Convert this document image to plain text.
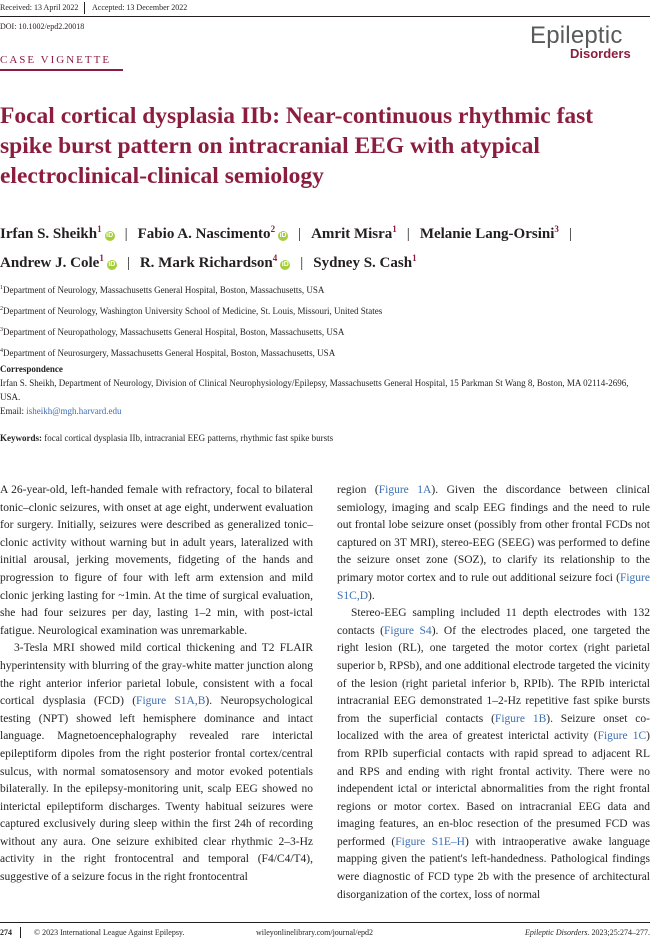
Received: 13 April 2022 Accepted: 13 December 2022
DOI: 10.1002/epd2.20018	Epileptic
Disorders
CASE VIGNETTE
Focal cortical dysplasia IIb: Near-continuous rhythmic fast spike burst pattern on intracranial EEG with atypical electroclinical-clinical semiology
Irfan S. Sheikh$^1$iD | Fabio A. Nascimento$^2$iD | Amrit Misra$^1$ | Melanie Lang-Orsini$^3$ |
Andrew J. Cole$^1$iD | R. Mark Richardson$^4$iD | Sydney S. Cash$^1$
$^1$Department of Neurology, Massachusetts General Hospital, Boston, Massachusetts, USA
$^2$Department of Neurology, Washington University School of Medicine, St. Louis, Missouri, United States
$^3$Department of Neuropathology, Massachusetts General Hospital, Boston, Massachusetts, USA
$^4$Department of Neurosurgery, Massachusetts General Hospital, Boston, Massachusetts, USA
Correspondence
Irfan S. Sheikh, Department of Neurology, Division of Clinical Neurophysiology/Epilepsy, Massachusetts General Hospital, 15 Parkman St Wang 8, Boston, MA 02114-2696, USA.
Email: isheikh@mgh.harvard.edu
Keywords: focal cortical dysplasia IIb, intracranial EEG patterns, rhythmic fast spike bursts

A 26-year-old, left-handed female with refractory, focal to bilateral tonic–clonic seizures, with onset at age eight, underwent evaluation for surgery. Initially, seizures were described as generalized tonic–clonic activity without warning but in adult years, lateralized with initial arousal, jerking movements, fidgeting of the hands and progression to figure of four with left arm extension and mild clonic jerking lasting for ~1min. At the time of surgical evaluation, she had four seizures per day, lasting 1–2 min, with post-ictal fatigue. Neurological examination was unremarkable.

3-Tesla MRI showed mild cortical thickening and T2 FLAIR hyperintensity with blurring of the gray-white matter junction along the right anterior inferior parietal lobule, consistent with a focal cortical dysplasia (FCD) (Figure S1A,B). Neuropsychological testing (NPT) showed left hemisphere dominance and intact language. Magnetoencephalography revealed rare interictal epileptiform dipoles from the right posterior frontal cortex/central sulcus, with normal somatosensory and motor evoked potentials bilaterally. In the epilepsy-monitoring unit, scalp EEG showed no interictal epileptiform discharges. Twenty habitual seizures were captured exclusively during sleep within the first 24h of recording without any aura. One seizure exhibited clear rhythmic 2–3-Hz activity in the right frontocentral and temporal (F4/C4/T4), suggestive of a seizure focus in the right frontocentral

region (Figure 1A). Given the discordance between clinical semiology, imaging and scalp EEG findings and the need to rule out frontal lobe seizure onset (possibly from other frontal FCDs not captured on 3T MRI), stereo-EEG (SEEG) was performed to define the seizure onset zone (SOZ), to clarify its relationship to the primary motor cortex and to rule out additional seizure foci (Figure S1C,D).

Stereo-EEG sampling included 11 depth electrodes with 132 contacts (Figure S4). Of the electrodes placed, one targeted the right lesion (RL), one targeted the motor cortex (right parietal superior b, RPSb), and one additional electrode targeted the vicinity of the lesion (right parietal inferior b, RPIb). The RPIb interictal intracranial EEG demonstrated 1–2-Hz repetitive fast spike bursts from the superficial contacts (Figure 1B). Seizure onset co-localized with the area of greatest interictal activity (Figure 1C) from RPIb superficial contacts with rapid spread to adjacent RL and RPS and ending with right frontal activity. There were no independent ictal or interictal abnormalities from the right frontal regions or motor cortex. Based on intracranial EEG data and imaging features, an en-bloc resection of the presumed FCD was performed (Figure S1E–H) with intraoperative awake language mapping given the patient's left-handedness. Pathological findings were diagnostic of FCD type 2b with the presence of architectural disorganization of the cortex, loss of normal

274	© 2023 International League Against Epilepsy.	wileyonlinelibrary.com/journal/epd2	Epileptic Disorders. 2023;25:274–277.
